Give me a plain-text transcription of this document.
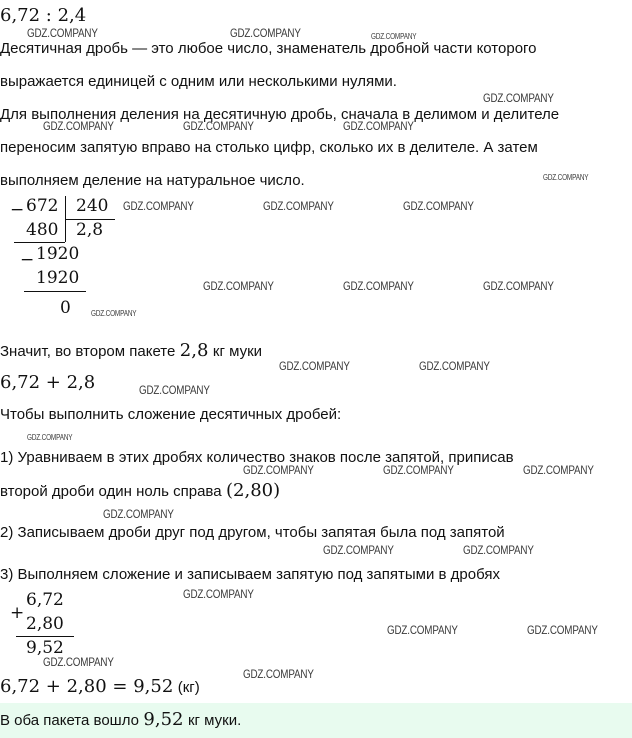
6,72 : 2,4
Десятичная дробь — это любое число, знаменатель дробной части которого
выражается единицей с одним или несколькими нулями.
Для выполнения деления на десятичную дробь, сначала в делимом и делителе
переносим запятую вправо на столько цифр, сколько их в делителе. А затем
выполняем деление на натуральное число.
− 672 240
480 2,8
− 1920
1920
0
Значит, во втором пакете 2,8 кг муки
6,72 + 2,8
Чтобы выполнить сложение десятичных дробей:
1) Уравниваем в этих дробях количество знаков после запятой, приписав
второй дроби один ноль справа (2,80)
2) Записываем дроби друг под другом, чтобы запятая была под запятой
3) Выполняем сложение и записываем запятую под запятыми в дробях
+
6,72
2,80
9,52
6,72 + 2,80 = 9,52 (кг)
В оба пакета вошло 9,52 кг муки.
GDZ.COMPANY	GDZ.COMPANY	GDZ.COMPANY
GDZ.COMPANY
GDZ.COMPANY	GDZ.COMPANY	GDZ.COMPANY
GDZ.COMPANY
GDZ.COMPANY	GDZ.COMPANY	GDZ.COMPANY
GDZ.COMPANY	GDZ.COMPANY	GDZ.COMPANY
GDZ.COMPANY
GDZ.COMPANY	GDZ.COMPANY
GDZ.COMPANY
GDZ.COMPANY
GDZ.COMPANY	GDZ.COMPANY	GDZ.COMPANY
GDZ.COMPANY
GDZ.COMPANY	GDZ.COMPANY
GDZ.COMPANY
GDZ.COMPANY	GDZ.COMPANY
GDZ.COMPANY
GDZ.COMPANY
